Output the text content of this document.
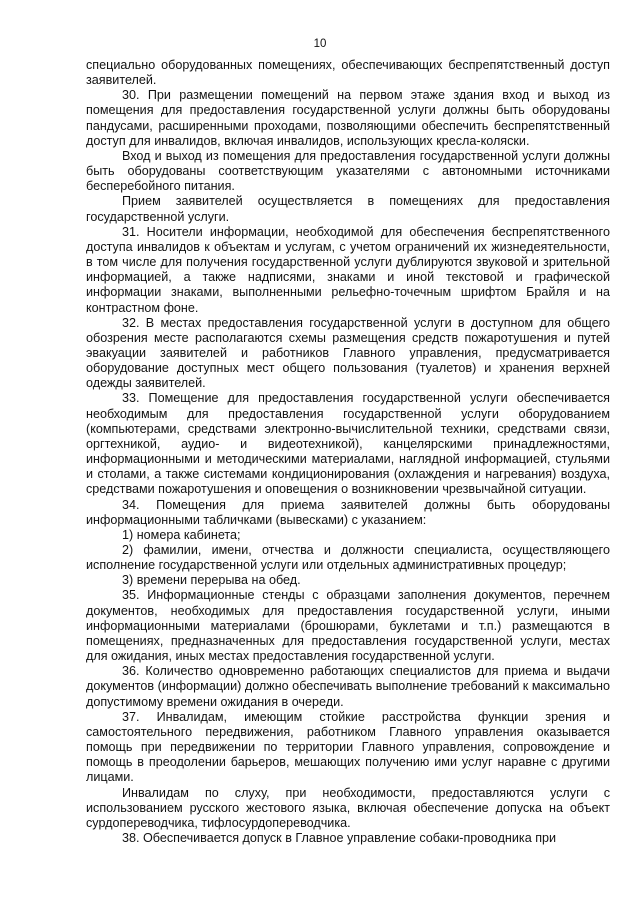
10

специально оборудованных помещениях, обеспечивающих беспрепятственный доступ заявителей.

30. При размещении помещений на первом этаже здания вход и выход из помещения для предоставления государственной услуги должны быть оборудованы пандусами, расширенными проходами, позволяющими обеспечить беспрепятственный доступ для инвалидов, включая инвалидов, использующих кресла-коляски.

Вход и выход из помещения для предоставления государственной услуги должны быть оборудованы соответствующим указателями с автономными источниками бесперебойного питания.

Прием заявителей осуществляется в помещениях для предоставления государственной услуги.

31. Носители информации, необходимой для обеспечения беспрепятственного доступа инвалидов к объектам и услугам, с учетом ограничений их жизнедеятельности, в том числе для получения государственной услуги дублируются звуковой и зрительной информацией, а также надписями, знаками и иной текстовой и графической информации знаками, выполненными рельефно-точечным шрифтом Брайля и на контрастном фоне.

32. В местах предоставления государственной услуги в доступном для общего обозрения месте располагаются схемы размещения средств пожаротушения и путей эвакуации заявителей и работников Главного управления, предусматривается оборудование доступных мест общего пользования (туалетов) и хранения верхней одежды заявителей.

33. Помещение для предоставления государственной услуги обеспечивается необходимым для предоставления государственной услуги оборудованием (компьютерами, средствами электронно-вычислительной техники, средствами связи, оргтехникой, аудио- и видеотехникой), канцелярскими принадлежностями, информационными и методическими материалами, наглядной информацией, стульями и столами, а также системами кондиционирования (охлаждения и нагревания) воздуха, средствами пожаротушения и оповещения о возникновении чрезвычайной ситуации.

34. Помещения для приема заявителей должны быть оборудованы информационными табличками (вывесками) с указанием:

1) номера кабинета;

2) фамилии, имени, отчества и должности специалиста, осуществляющего исполнение государственной услуги или отдельных административных процедур;

3) времени перерыва на обед.

35. Информационные стенды с образцами заполнения документов, перечнем документов, необходимых для предоставления государственной услуги, иными информационными материалами (брошюрами, буклетами и т.п.) размещаются в помещениях, предназначенных для предоставления государственной услуги, местах для ожидания, иных местах предоставления государственной услуги.

36. Количество одновременно работающих специалистов для приема и выдачи документов (информации) должно обеспечивать выполнение требований к максимально допустимому времени ожидания в очереди.

37. Инвалидам, имеющим стойкие расстройства функции зрения и самостоятельного передвижения, работником Главного управления оказывается помощь при передвижении по территории Главного управления, сопровождение и помощь в преодолении барьеров, мешающих получению ими услуг наравне с другими лицами.

Инвалидам по слуху, при необходимости, предоставляются услуги с использованием русского жестового языка, включая обеспечение допуска на объект сурдопереводчика, тифлосурдопереводчика.

38. Обеспечивается допуск в Главное управление собаки-проводника при
